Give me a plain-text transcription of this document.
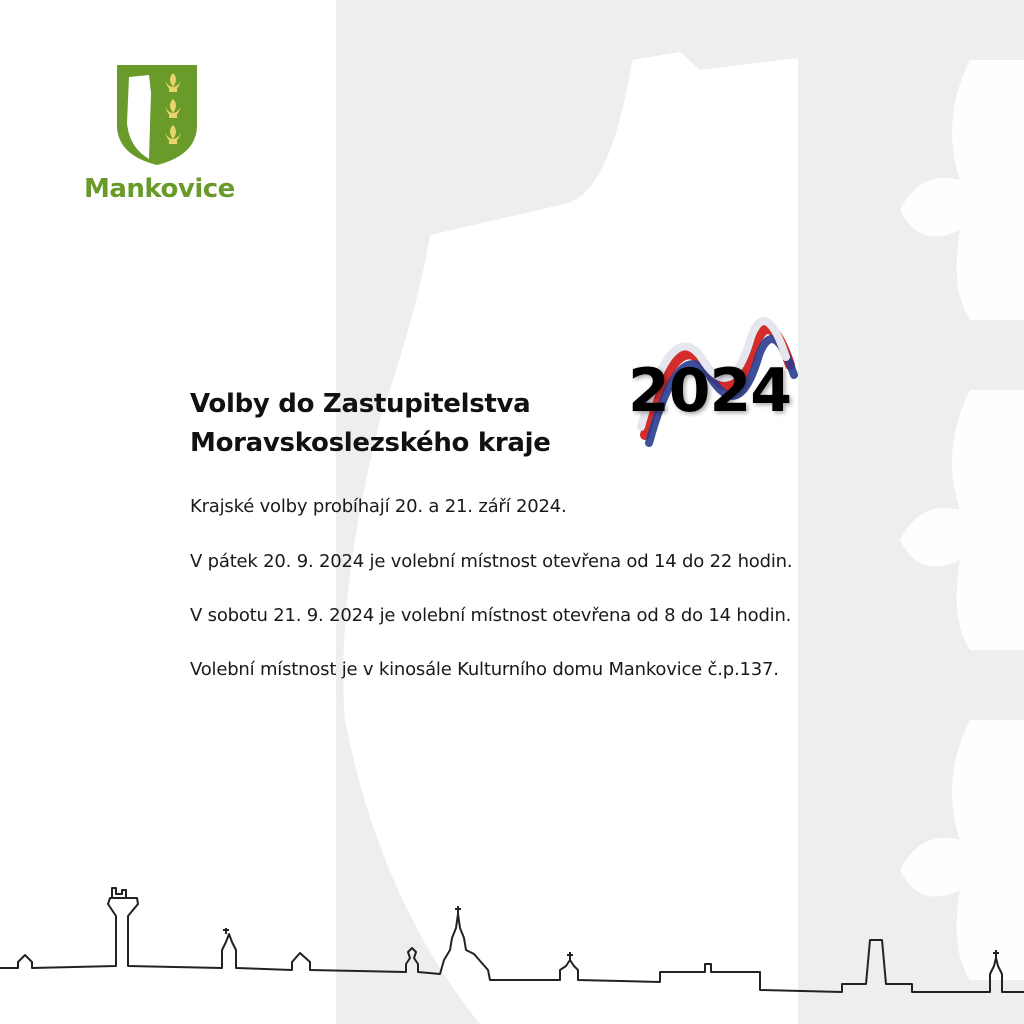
Mankovice
Volby do Zastupitelstva
Moravskoslezského kraje
2024
Krajské volby probíhají 20. a 21. září 2024.
V pátek 20. 9. 2024 je volební místnost otevřena od 14 do 22 hodin.
V sobotu 21. 9. 2024 je volební místnost otevřena od 8 do 14 hodin.
Volební místnost je v kinosále Kulturního domu Mankovice č.p.137.
